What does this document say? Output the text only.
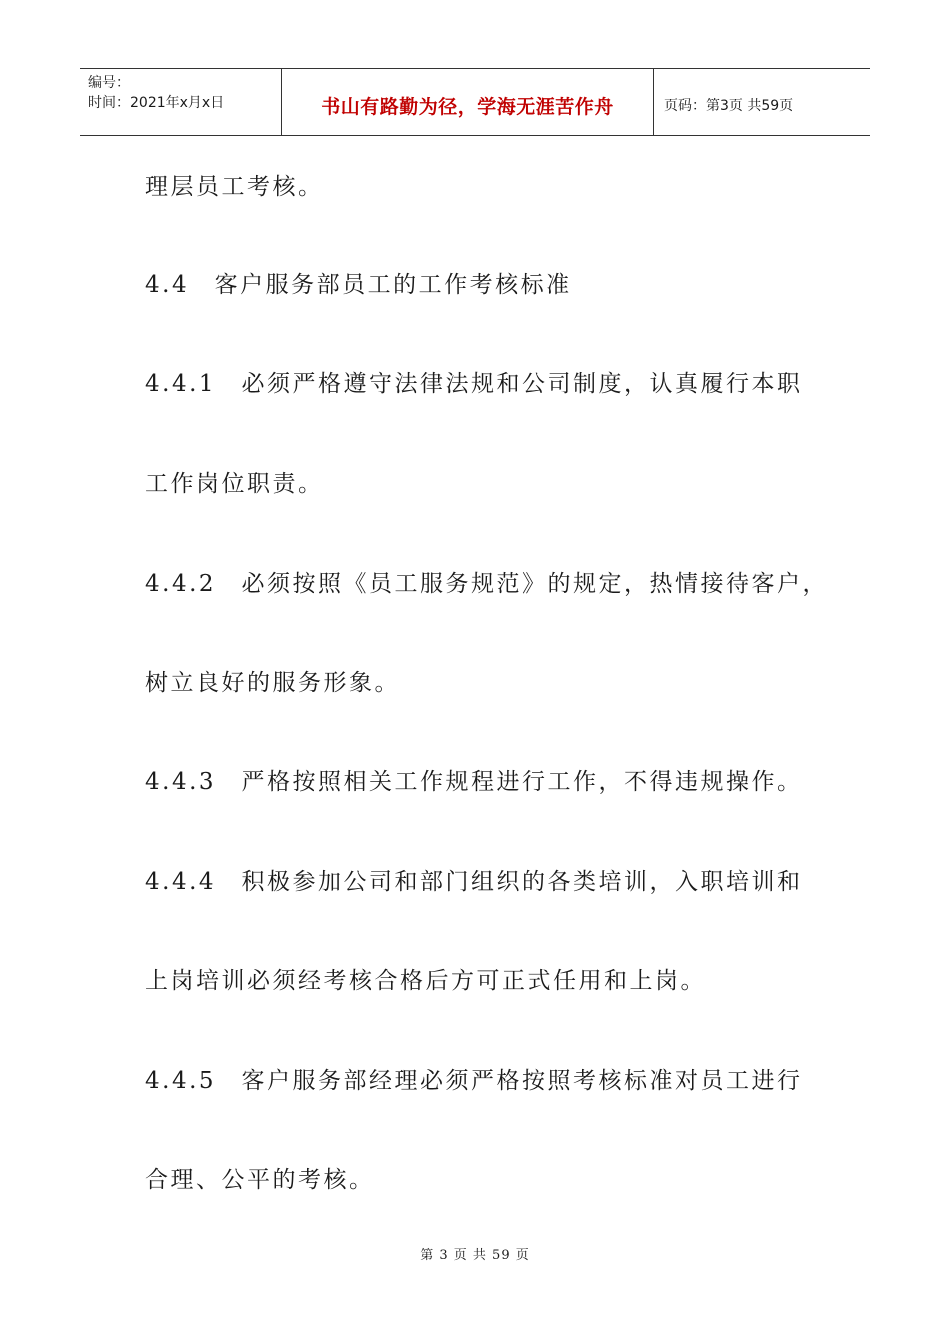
编号：
时间：2021年x月x日	书山有路勤为径，学海无涯苦作舟	页码：第3页 共59页
理层员工考核。
4.4　客户服务部员工的工作考核标准
4.4.1　必须严格遵守法律法规和公司制度，认真履行本职
工作岗位职责。
4.4.2　必须按照《员工服务规范》的规定，热情接待客户，
树立良好的服务形象。
4.4.3　严格按照相关工作规程进行工作，不得违规操作。
4.4.4　积极参加公司和部门组织的各类培训，入职培训和
上岗培训必须经考核合格后方可正式任用和上岗。
4.4.5　客户服务部经理必须严格按照考核标准对员工进行
合理、公平的考核。
第 3 页 共 59 页
